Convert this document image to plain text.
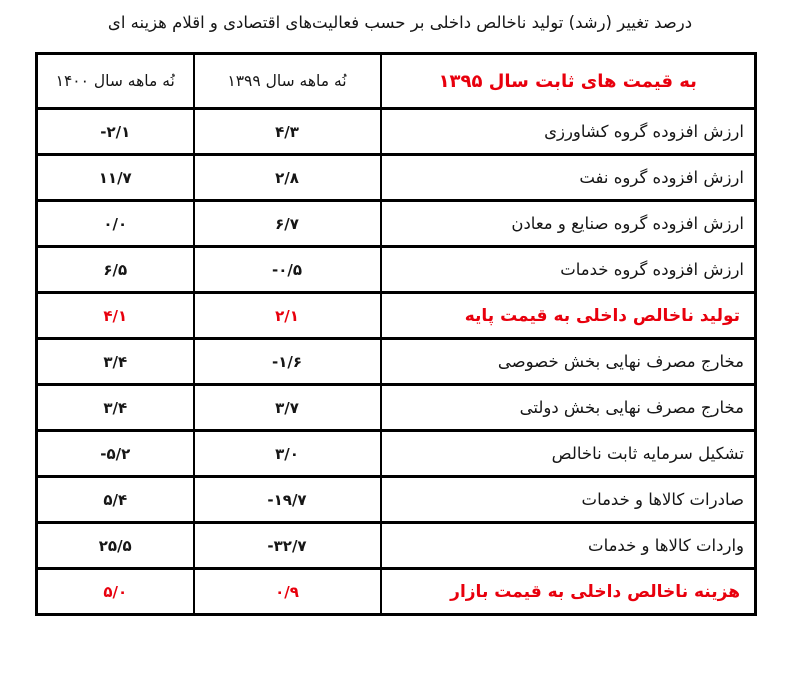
درصد تغییر (رشد) تولید ناخالص داخلی بر حسب فعالیت‌های اقتصادی و اقلام هزینه ای
به قیمت های ثابت سال ۱۳۹۵	نُه ماهه سال ۱۳۹۹	نُه ماهه سال ۱۴۰۰
ارزش افزوده گروه کشاورزی	۴/۳	-۲/۱
ارزش افزوده گروه نفت	۲/۸	۱۱/۷
ارزش افزوده گروه صنایع و معادن	۶/۷	۰/۰
ارزش افزوده گروه خدمات	-۰/۵	۶/۵
تولید ناخالص داخلی به قیمت پایه	۲/۱	۴/۱
مخارج مصرف نهایی بخش خصوصی	-۱/۶	۳/۴
مخارج مصرف نهایی بخش دولتی	۳/۷	۳/۴
تشکیل سرمایه ثابت ناخالص	۳/۰	-۵/۲
صادرات کالاها و خدمات	-۱۹/۷	۵/۴
واردات کالاها و خدمات	-۳۲/۷	۲۵/۵
هزینه ناخالص داخلی به قیمت بازار	۰/۹	۵/۰
